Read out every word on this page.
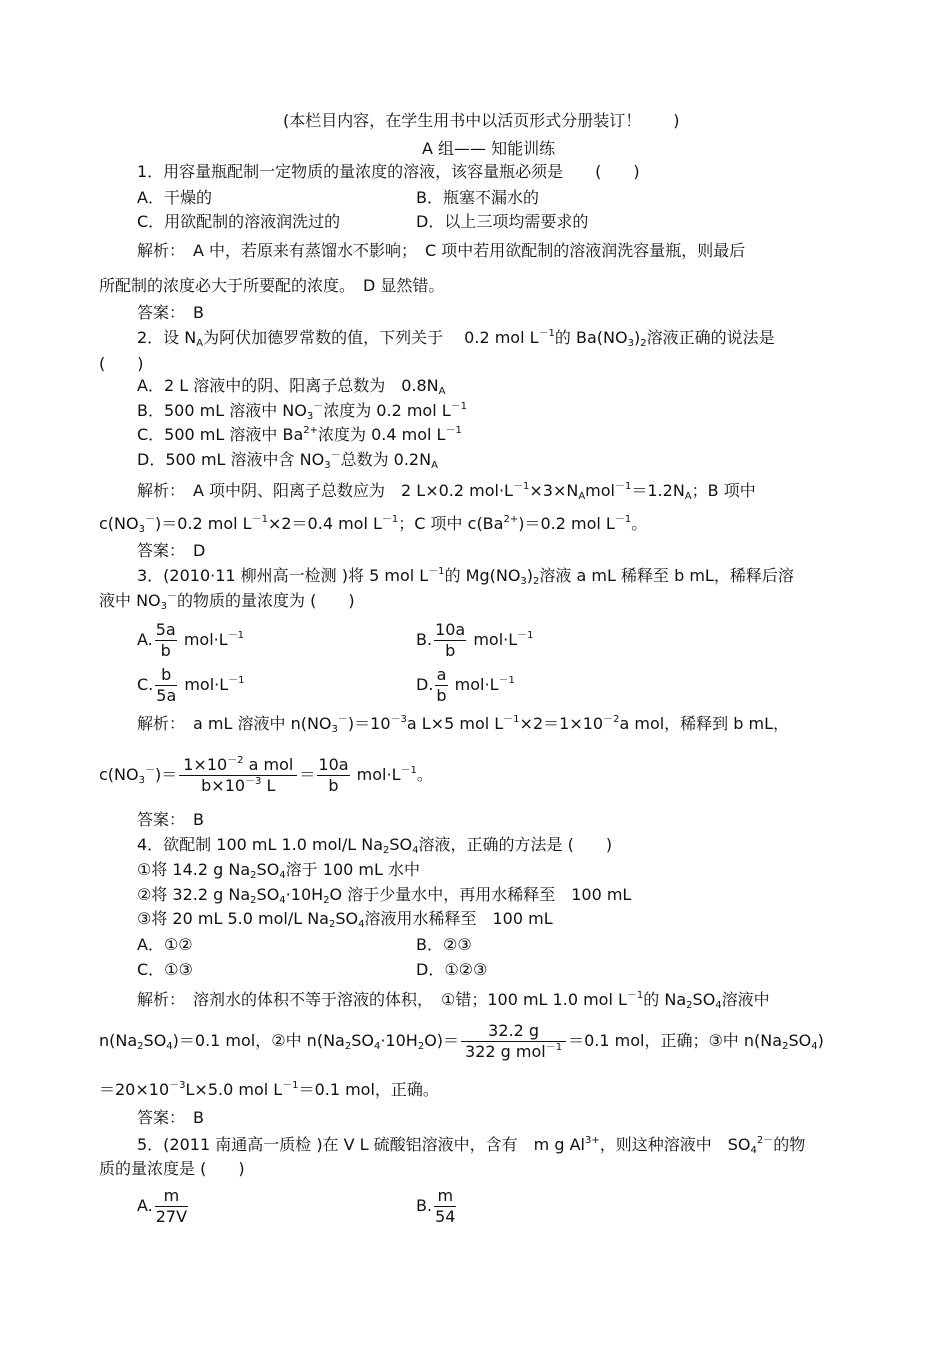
(本栏目内容，在学生用书中以活页形式分册装订！　　)
A 组—— 知能训练
1．用容量瓶配制一定物质的量浓度的溶液，该容量瓶必须是　　(　　)
A．干燥的	B．瓶塞不漏水的
C．用欲配制的溶液润洗过的	D．以上三项均需要求的
解析：　A 中，若原来有蒸馏水不影响；　C 项中若用欲配制的溶液润洗容量瓶，则最后
所配制的浓度必大于所要配的浓度。　D 显然错。
答案：　B
2．设 $N_A$为阿伏加德罗常数的值，下列关于　 0.2 mol $L^{-1}$的 $Ba(NO_3)_2$溶液正确的说法是
(　　)
A．2 L 溶液中的阴、阳离子总数为　$0.8N_A$
B．500 mL 溶液中 $NO_3^-$浓度为 0.2 mol $L^{-1}$
C．500 mL 溶液中 $Ba^{2+}$浓度为 0.4 mol $L^{-1}$
D．500 mL 溶液中含 $NO_3^-$总数为 $0.2N_A$
解析：　A 项中阴、阳离子总数应为　2 L×0.2 $mol\cdot L^{-1}\times 3\times N_Amol^{-1}=1.2N_A$；B 项中
$c(NO_3^-)=0.2$ mol $L^{-1}\times 2=0.4$ mol $L^{-1}$；C 项中 $c(Ba^{2+})=0.2$ mol $L^{-1}$。
答案：　D
3．(2010·11 柳州高一检测 )将 5 mol $L^{-1}$的 $Mg(NO_3)_2$溶液 a mL 稀释至 b mL，稀释后溶
液中 $NO_3^-$的物质的量浓度为 (　　)
A. $\frac{5a}{b} mol\cdot L^{-1}$	B. $\frac{10a}{b} mol\cdot L^{-1}$
C. $\frac{b}{5a} mol\cdot L^{-1}$	D. $\frac{a}{b} mol\cdot L^{-1}$
解析：　a mL 溶液中 $n(NO_3^-)=10^{-3}a$ L×5 mol $L^{-1}\times 2=1\times 10^{-2}a$ mol，稀释到 b mL，
$c(NO_3^-)=$
$1\times 10^{-2}$ a mol
$b\times 10^{-3}$ L
＝ $\frac{10a}{b} mol\cdot L^{-1}$。
答案：　B
4．欲配制 100 mL 1.0 mol/L $Na_2SO_4$溶液，正确的方法是 (　　)
①将 14.2 g $Na_2SO_4$溶于 100 mL 水中
②将 32.2 g $Na_2SO_4\cdot 10H_2O$ 溶于少量水中，再用水稀释至　100 mL
③将 20 mL 5.0 mol/L $Na_2SO_4$溶液用水稀释至　100 mL
A．①②	B．②③
C．①③	D．①②③
解析：　溶剂水的体积不等于溶液的体积，　①错；100 mL 1.0 mol $L^{-1}$的 $Na_2SO_4$溶液中
$n(Na_2SO_4)=0.1$ mol，②中 $n(Na_2SO_4\cdot 10H_2O)=$
32.2 g
322 g mol$^{-1}$ ＝0.1 mol，正确；③中 $n(Na_2SO_4)$
$=20\times 10^{-3}L\times 5.0$ mol $L^{-1}=0.1$ mol，正确。
答案：　B
5．(2011 南通高一质检 )在 V L 硫酸铝溶液中，含有　m g $Al^{3+}$，则这种溶液中　$SO_4^{2-}$的物
质的量浓度是 (　　)
A. $\frac{m}{27V}$	B. $\frac{m}{54}$
